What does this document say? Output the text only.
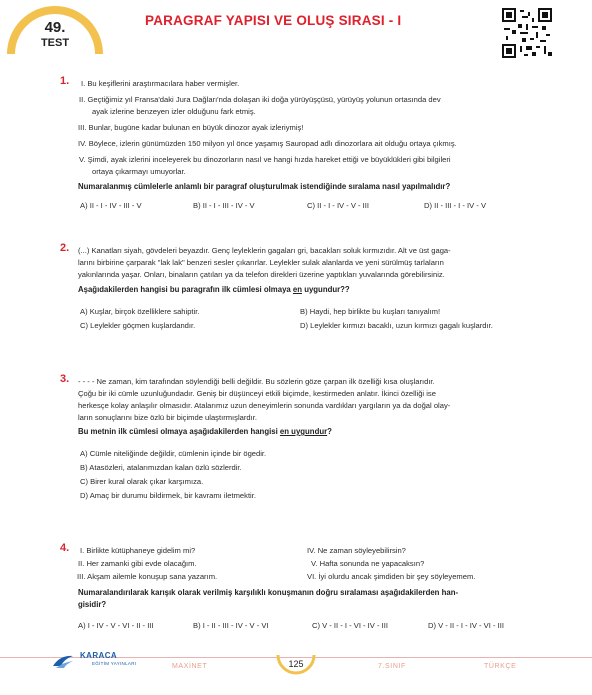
49.
TEST
PARAGRAF YAPISI VE OLUŞ SIRASI - I
1. I. Bu keşiflerini araştırmacılara haber vermişler.
II. Geçtiğimiz yıl Fransa'daki Jura Dağları'nda dolaşan iki doğa yürüyüşçüsü, yürüyüş yolunun ortasında dev
ayak izlerine benzeyen izler olduğunu fark etmiş.
III. Bunlar, bugüne kadar bulunan en büyük dinozor ayak izleriymiş!
IV. Böylece, izlerin günümüzden 150 milyon yıl önce yaşamış Sauropad adlı dinozorlara ait olduğu ortaya çıkmış.
V. Şimdi, ayak izlerini inceleyerek bu dinozorların nasıl ve hangi hızda hareket ettiği ve büyüklükleri gibi bilgileri
ortaya çıkarmayı umuyorlar.
Numaralanmış cümlelerle anlamlı bir paragraf oluşturulmak istendiğinde sıralama nasıl yapılmalıdır?
A) II - I - IV - III - V	B) II - I - III - IV - V	C) II - I - IV - V - III	D) II - III - I - IV - V
2. (...) Kanatları siyah, gövdeleri beyazdır. Genç leyleklerin gagaları gri, bacakları soluk kırmızıdır. Alt ve üst gaga-
larını birbirine çarparak "lak lak" benzeri sesler çıkarırlar. Leylekler sulak alanlarda ve yeni sürülmüş tarlaların
yakınlarında yaşar. Onları, binaların çatıları ya da telefon direkleri üzerine yaptıkları yuvalarında görebilirsiniz.
Aşağıdakilerden hangisi bu paragrafın ilk cümlesi olmaya en uygundur??
A) Kuşlar, birçok özelliklere sahiptir.	B) Haydi, hep birlikte bu kuşları tanıyalım!
C) Leylekler göçmen kuşlardandır.	D) Leylekler kırmızı bacaklı, uzun kırmızı gagalı kuşlardır.
3. - - - - Ne zaman, kim tarafından söylendiği belli değildir. Bu sözlerin göze çarpan ilk özelliği kısa oluşlarıdır.
Çoğu bir iki cümle uzunluğundadır. Geniş bir düşünceyi etkili biçimde, kestirmeden anlatır. İkinci özelliği ise
herkesçe kolay anlaşılır olmasıdır. Atalarımız uzun deneyimlerin sonunda vardıkları yargıların ya da doğal olay-
ların sonuçlarını bize özlü bir biçimde ulaştırmışlardır.
Bu metnin ilk cümlesi olmaya aşağıdakilerden hangisi en uygundur?
A) Cümle niteliğinde değildir, cümlenin içinde bir ögedir.
B) Atasözleri, atalarımızdan kalan özlü sözlerdir.
C) Birer kural olarak çıkar karşımıza.
D) Amaç bir durumu bildirmek, bir kavramı iletmektir.
4. I. Birlikte kütüphaneye gidelim mi?
II. Her zamanki gibi evde olacağım.
III. Akşam ailemle konuşup sana yazarım.
IV. Ne zaman söyleyebilirsin?
V. Hafta sonunda ne yapacaksın?
VI. İyi olurdu ancak şimdiden bir şey söyleyemem.
Numaralandırılarak karışık olarak verilmiş karşılıklı konuşmanın doğru sıralaması aşağıdakilerden han-
gisidir?
A) I - IV - V - VI - II - III	B) I - II - III - IV - V - VI	C) V - II - I - VI - IV - III	D) V - II - I - IV - VI - III
KARACA
EĞİTİM YAYINLARI	MAXİNET	125	7.SINIF	TÜRKÇE
